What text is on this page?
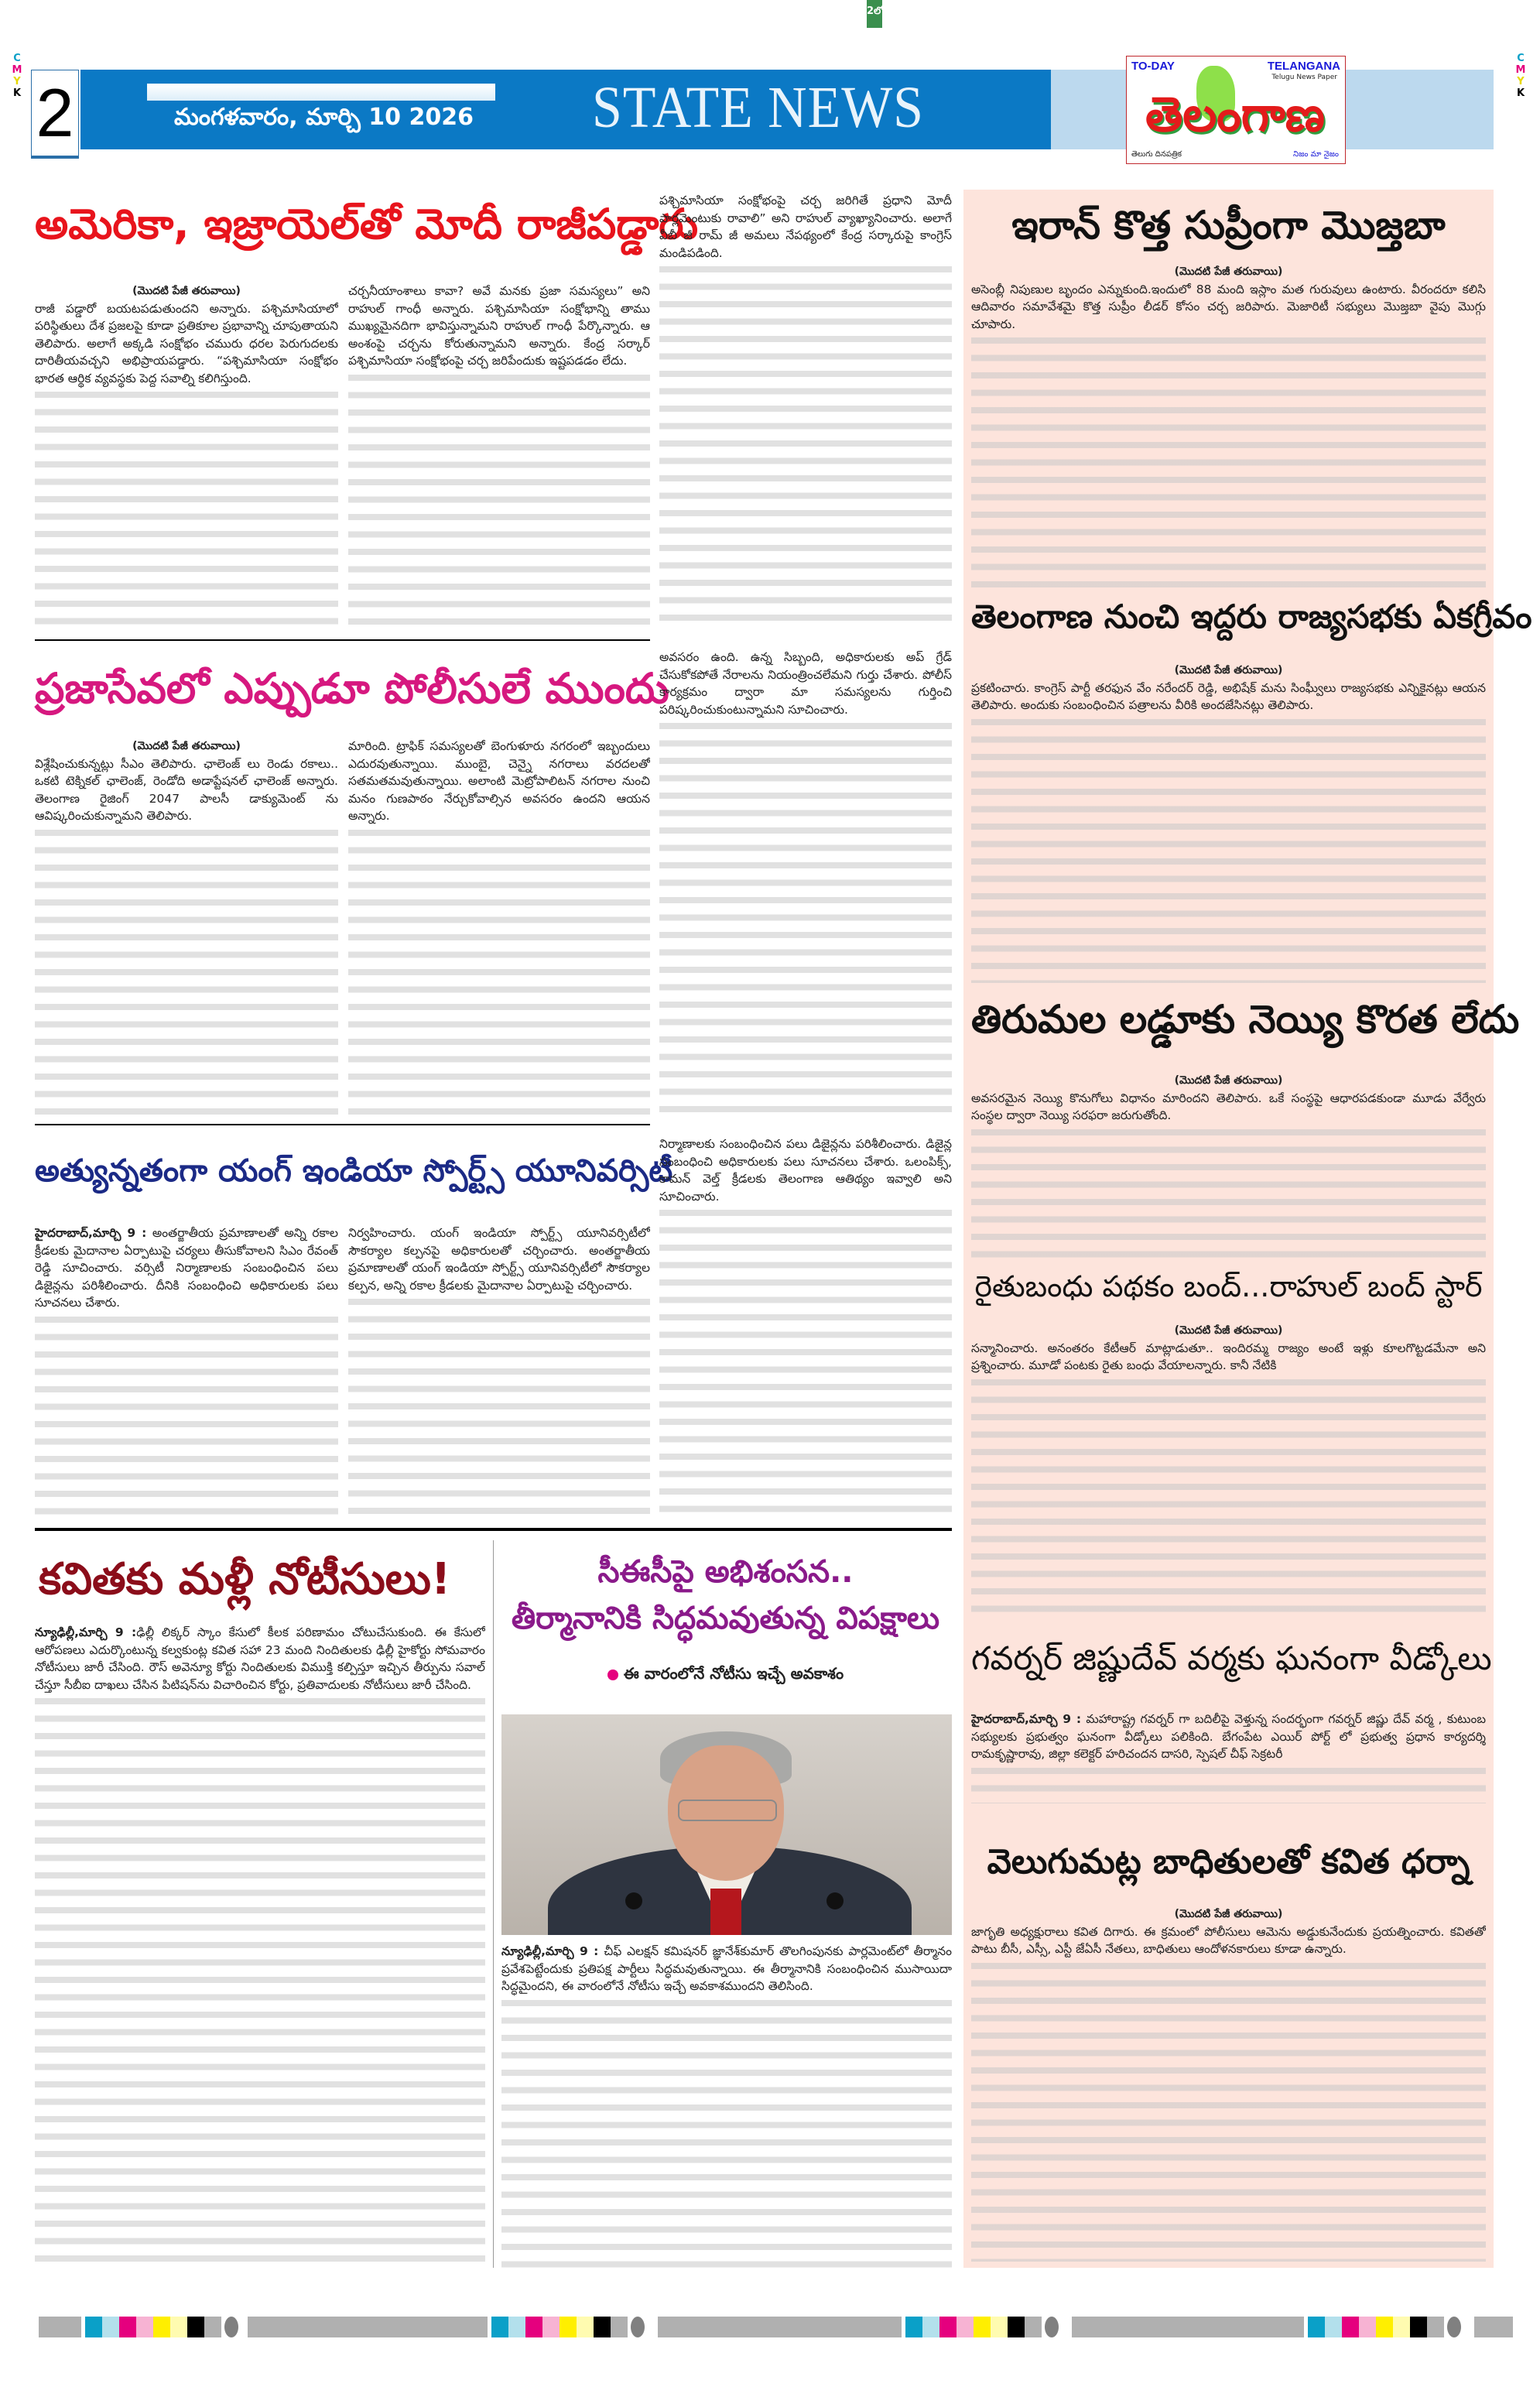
2లో
C
M
Y
K
C
M
Y
K
2	మంగళవారం, మార్చి 10 2026 STATE NEWS
TO-DAY	TELANGANA
Telugu News Paper
తెలంగాణ
తెలుగు దినపత్రిక	నిజం మా నైజం
అమెరికా, ఇజ్రాయెల్‌తో మోదీ రాజీపడ్డారు
(మొదటి పేజీ తరువాయి)

రాజీ పడ్డారో బయటపడుతుందని అన్నారు. పశ్చిమాసియాలో పరిస్థితులు దేశ ప్రజలపై కూడా ప్రతికూల ప్రభావాన్ని చూపుతాయని తెలిపారు. అలాగే అక్కడి సంక్షోభం చమురు ధరల పెరుగుదలకు దారితీయవచ్చని అభిప్రాయపడ్డారు. “పశ్చిమాసియా సంక్షోభం భారత ఆర్థిక వ్యవస్థకు పెద్ద సవాల్ని కలిగిస్తుంది.

చర్చనీయాంశాలు కావా? అవే మనకు ప్రజా సమస్యలు” అని రాహుల్ గాంధీ అన్నారు. పశ్చిమాసియా సంక్షోభాన్ని తాము ముఖ్యమైనదిగా భావిస్తున్నామని రాహుల్ గాంధీ పేర్కొన్నారు. ఆ అంశంపై చర్చను కోరుతున్నామని అన్నారు. కేంద్ర సర్కార్ పశ్చిమాసియా సంక్షోభంపై చర్చ జరిపేందుకు ఇష్టపడడం లేదు.

పశ్చిమాసియా సంక్షోభంపై చర్చ జరిగితే ప్రధాని మోదీ పార్లమెంటుకు రావాలి” అని రాహుల్ వ్యాఖ్యానించారు. అలాగే వీబీ జీ రామ్ జీ అమలు నేపథ్యంలో కేంద్ర సర్కారుపై కాంగ్రెస్ మండిపడింది.

ప్రజాసేవలో ఎప్పుడూ పోలీసులే ముందు
(మొదటి పేజీ తరువాయి)

విశ్లేషించుకున్నట్లు సీఎం తెలిపారు. ఛాలెంజ్ లు రెండు రకాలు.. ఒకటి టెక్నికల్ ఛాలెంజ్, రెండోది అడాప్టేషనల్ ఛాలెంజ్ అన్నారు. తెలంగాణ రైజింగ్ 2047 పాలసీ డాక్యుమెంట్ ను ఆవిష్కరించుకున్నామని తెలిపారు.

మారింది. ట్రాఫిక్ సమస్యలతో బెంగుళూరు నగరంలో ఇబ్బందులు ఎదురవుతున్నాయి. ముంబై, చెన్నై నగరాలు వరదలతో సతమతమవుతున్నాయి. అలాంటి మెట్రోపాలిటన్ నగరాల నుంచి మనం గుణపాఠం నేర్చుకోవాల్సిన అవసరం ఉందని ఆయన అన్నారు.

అవసరం ఉంది. ఉన్న సిబ్బంది, అధికారులకు అప్ గ్రేడ్ చేసుకోకపోతే నేరాలను నియంత్రించలేమని గుర్తు చేశారు. పోలీస్ కార్యక్రమం ద్వారా మా సమస్యలను గుర్తించి పరిష్కరించుకుంటున్నామని సూచించారు.

అత్యున్నతంగా యంగ్ ఇండియా స్పోర్ట్స్ యూనివర్సిటీ

హైదరాబాద్,మార్చి 9 : అంతర్జాతీయ ప్రమాణాలతో అన్ని రకాల క్రీడలకు మైదానాల ఏర్పాటుపై చర్యలు తీసుకోవాలని సిఎం రేవంత్ రెడ్డి సూచించారు. వర్సిటీ నిర్మాణాలకు సంబంధించిన పలు డిజైన్లను పరిశీలించారు. దీనికి సంబంధించి అధికారులకు పలు సూచనలు చేశారు.

నిర్వహించారు. యంగ్ ఇండియా స్పోర్ట్స్ యూనివర్సిటీలో సౌకర్యాల కల్పనపై అధికారులతో చర్చించారు. అంతర్జాతీయ ప్రమాణాలతో యంగ్ ఇండియా స్పోర్ట్స్ యూనివర్సిటీలో సౌకర్యాల కల్పన, అన్ని రకాల క్రీడలకు మైదానాల ఏర్పాటుపై చర్చించారు.

నిర్మాణాలకు సంబంధించిన పలు డిజైన్లను పరిశీలించారు. డిజైన్ల సంబంధించి అధికారులకు పలు సూచనలు చేశారు. ఒలంపిక్స్, కామన్ వెల్త్ క్రీడలకు తెలంగాణ ఆతిథ్యం ఇవ్వాలి అని సూచించారు.

కవితకు మళ్లీ నోటీసులు!

న్యూఢిల్లీ,మార్చి 9 :ఢిల్లీ లిక్కర్ స్కాం కేసులో కీలక పరిణామం చోటుచేసుకుంది. ఈ కేసులో ఆరోపణలు ఎదుర్కొంటున్న కల్వకుంట్ల కవిత సహా 23 మంది నిందితులకు ఢిల్లీ హైకోర్టు సోమవారం నోటీసులు జారీ చేసింది. రౌస్ అవెన్యూ కోర్టు నిందితులకు విముక్తి కల్పిస్తూ ఇచ్చిన తీర్పును సవాల్ చేస్తూ సీబీఐ దాఖలు చేసిన పిటిషన్‌ను విచారించిన కోర్టు, ప్రతివాదులకు నోటీసులు జారీ చేసింది.

సీఈసీపై అభిశంసన..
తీర్మానానికి సిద్ధమవుతున్న విపక్షాలు
ఈ వారంలోనే నోటీసు ఇచ్చే అవకాశం

న్యూఢిల్లీ,మార్చి 9 : చీఫ్ ఎలక్షన్ కమిషనర్ జ్ఞానేశ్‌కుమార్ తొలగింపునకు పార్లమెంట్‌లో తీర్మానం ప్రవేశపెట్టేందుకు ప్రతిపక్ష పార్టీలు సిద్ధమవుతున్నాయి. ఈ తీర్మానానికి సంబంధించిన ముసాయిదా సిద్ధమైందని, ఈ వారంలోనే నోటీసు ఇచ్చే అవకాశముందని తెలిసింది.

ఇరాన్ కొత్త సుప్రీంగా మొజ్తబా
(మొదటి పేజీ తరువాయి)

అసెంబ్లీ నిపుణుల బృందం ఎన్నుకుంది.ఇందులో 88 మంది ఇస్లాం మత గురువులు ఉంటారు. వీరందరూ కలిసి ఆదివారం సమావేశమై కొత్త సుప్రీం లీడర్ కోసం చర్చ జరిపారు. మెజారిటీ సభ్యులు మొజ్తబా వైపు మొగ్గు చూపారు.

తెలంగాణ నుంచి ఇద్దరు రాజ్యసభకు ఏకగ్రీవం
(మొదటి పేజీ తరువాయి)

ప్రకటించారు. కాంగ్రెస్ పార్టీ తరఫున వేం నరేందర్ రెడ్డి, అభిషేక్ మను సింఘ్వీలు రాజ్యసభకు ఎన్నికైనట్లు ఆయన తెలిపారు. అందుకు సంబంధించిన పత్రాలను వీరికి అందజేసినట్లు తెలిపారు.

తిరుమల లడ్డూకు నెయ్యి కొరత లేదు
(మొదటి పేజీ తరువాయి)

అవసరమైన నెయ్యి కొనుగోలు విధానం మారిందని తెలిపారు. ఒకే సంస్థపై ఆధారపడకుండా మూడు వేర్వేరు సంస్థల ద్వారా నెయ్యి సరఫరా జరుగుతోంది.

రైతుబంధు పథకం బంద్...రాహుల్ బంద్ స్టార్
(మొదటి పేజీ తరువాయి)

సన్మానించారు. అనంతరం కేటీఆర్ మాట్లాడుతూ.. ఇందిరమ్మ రాజ్యం అంటే ఇళ్లు కూలగొట్టడమేనా అని ప్రశ్నించారు. మూడో పంటకు రైతు బంధు వేయాలన్నారు. కానీ నేటికి

గవర్నర్ జిష్ణుదేవ్ వర్మకు ఘనంగా వీడ్కోలు

హైదరాబాద్,మార్చి 9 : మహారాష్ట్ర గవర్నర్ గా బదిలీపై వెళ్తున్న సందర్భంగా గవర్నర్ జిష్ణు దేవ్ వర్మ , కుటుంబ సభ్యులకు ప్రభుత్వం ఘనంగా వీడ్కోలు పలికింది. బేగంపేట ఎయిర్ పోర్ట్ లో ప్రభుత్వ ప్రధాన కార్యదర్శి రామకృష్ణారావు, జిల్లా కలెక్టర్ హరిచందన దాసరి, స్పెషల్ చీఫ్ సెక్రటరీ

వెలుగుమట్ల బాధితులతో కవిత ధర్నా
(మొదటి పేజీ తరువాయి)

జాగృతి అధ్యక్షురాలు కవిత దిగారు. ఈ క్రమంలో పోలీసులు ఆమెను అడ్డుకునేందుకు ప్రయత్నించారు. కవితతో పాటు బీసీ, ఎస్సీ, ఎస్టీ జేఏసీ నేతలు, బాధితులు ఆందోళనకారులు కూడా ఉన్నారు.
